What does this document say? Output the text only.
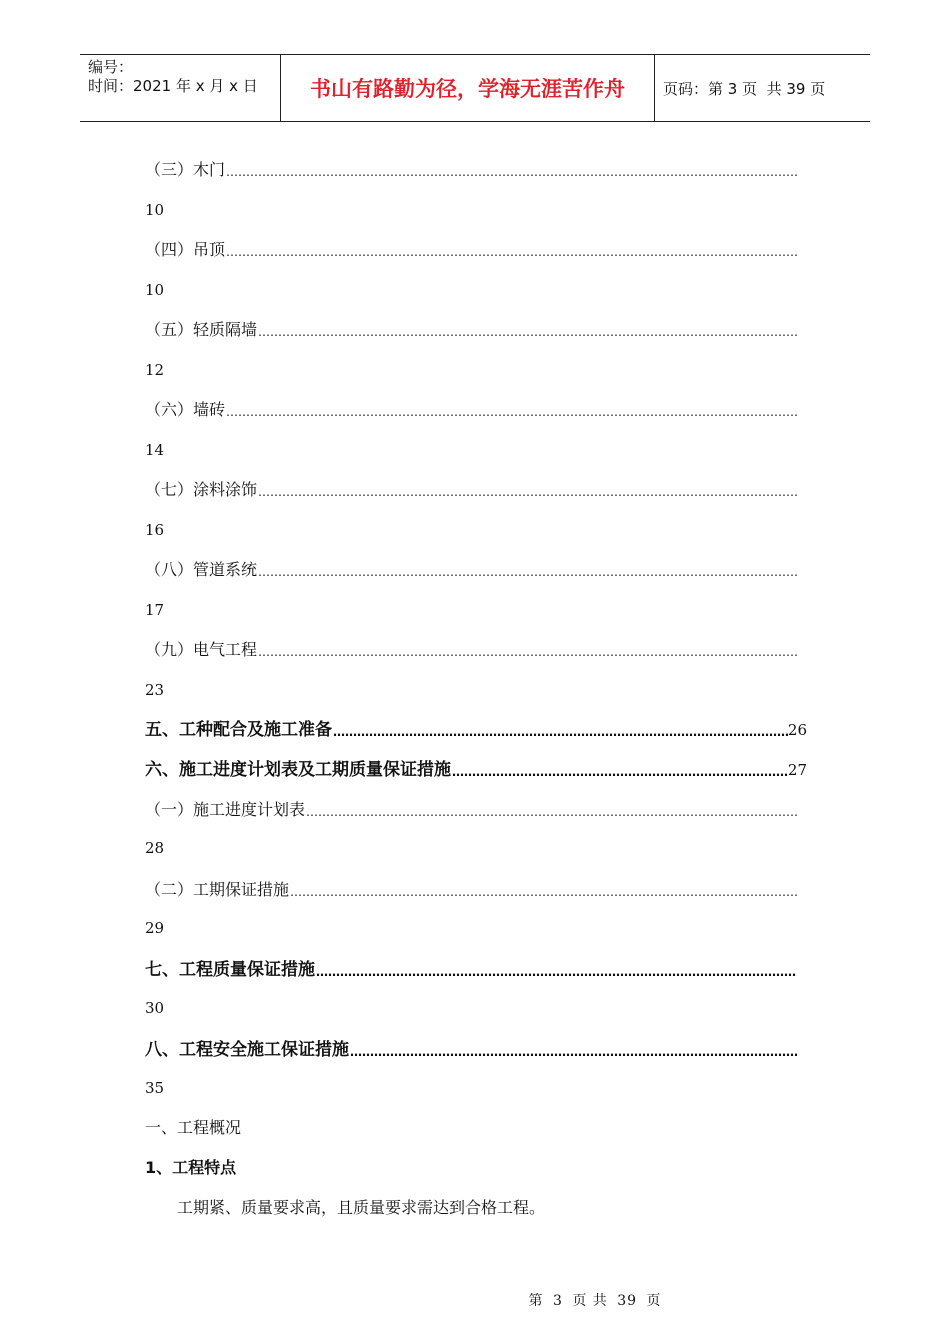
编号：
时间：2021 年 x 月 x 日	书山有路勤为径，学海无涯苦作舟	页码：第 3 页  共 39 页
（三）木门
……………………………………………………………………………………………………………………………………………………
10
（四）吊顶
……………………………………………………………………………………………………………………………………………………
10
（五）轻质隔墙
……………………………………………………………………………………………………………………………………………………
12
（六）墙砖
……………………………………………………………………………………………………………………………………………………
14
（七）涂料涂饰
……………………………………………………………………………………………………………………………………………………
16
（八）管道系统
……………………………………………………………………………………………………………………………………………………
17
（九）电气工程
……………………………………………………………………………………………………………………………………………………
23
五、工种配合及施工准备 ……………………………………………………………………………………………………………………………………………………	26
六、施工进度计划表及工期质量保证措施 ……………………………………………………………………………………………………………………………………………………	27
（一）施工进度计划表
……………………………………………………………………………………………………………………………………………………
28
（二）工期保证措施
……………………………………………………………………………………………………………………………………………………
29
七、工程质量保证措施
……………………………………………………………………………………………………………………………………………………
30
八、工程安全施工保证措施
……………………………………………………………………………………………………………………………………………………
35
一、工程概况
1、工程特点
工期紧、质量要求高，且质量要求需达到合格工程。
第 3 页 共 39 页
